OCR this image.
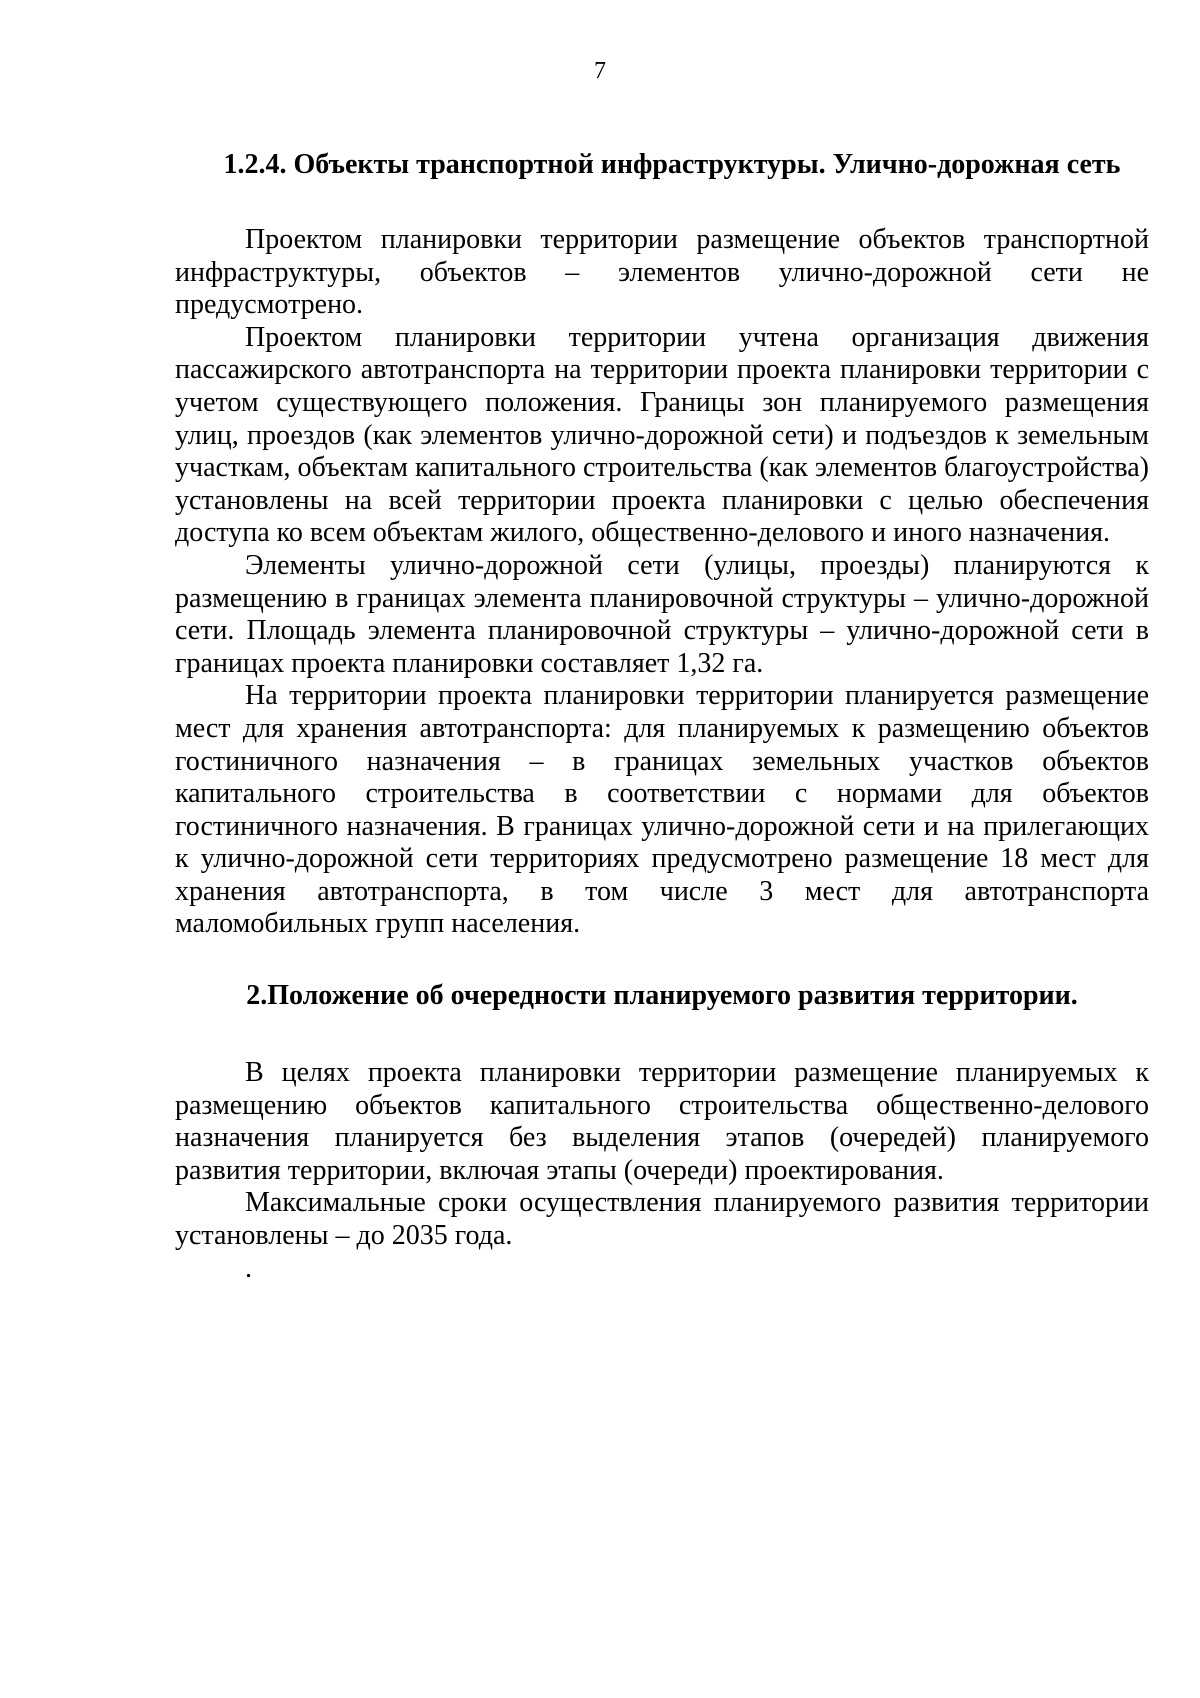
7
1.2.4. Объекты транспортной инфраструктуры. Улично-дорожная сеть

Проектом планировки территории размещение объектов транспортной инфраструктуры, объектов – элементов улично-дорожной сети не предусмотрено.

Проектом планировки территории учтена организация движения пассажирского автотранспорта на территории проекта планировки территории с учетом существующего положения. Границы зон планируемого размещения улиц, проездов (как элементов улично-дорожной сети) и подъездов к земельным участкам, объектам капитального строительства (как элементов благоустройства) установлены на всей территории проекта планировки с целью обеспечения доступа ко всем объектам жилого, общественно-делового и иного назначения.

Элементы улично-дорожной сети (улицы, проезды) планируются к размещению в границах элемента планировочной структуры – улично-дорожной сети. Площадь элемента планировочной структуры – улично-дорожной сети в границах проекта планировки составляет 1,32 га.

На территории проекта планировки территории планируется размещение мест для хранения автотранспорта: для планируемых к размещению объектов гостиничного назначения – в границах земельных участков объектов капитального строительства в соответствии с нормами для объектов гостиничного назначения. В границах улично-дорожной сети и на прилегающих к улично-дорожной сети территориях предусмотрено размещение 18 мест для хранения автотранспорта, в том числе 3 мест для автотранспорта маломобильных групп населения.

2.Положение об очередности планируемого развития территории.

В целях проекта планировки территории размещение планируемых к размещению объектов капитального строительства общественно-делового назначения планируется без выделения этапов (очередей) планируемого развития территории, включая этапы (очереди) проектирования.

Максимальные сроки осуществления планируемого развития территории установлены – до 2035 года.

.
